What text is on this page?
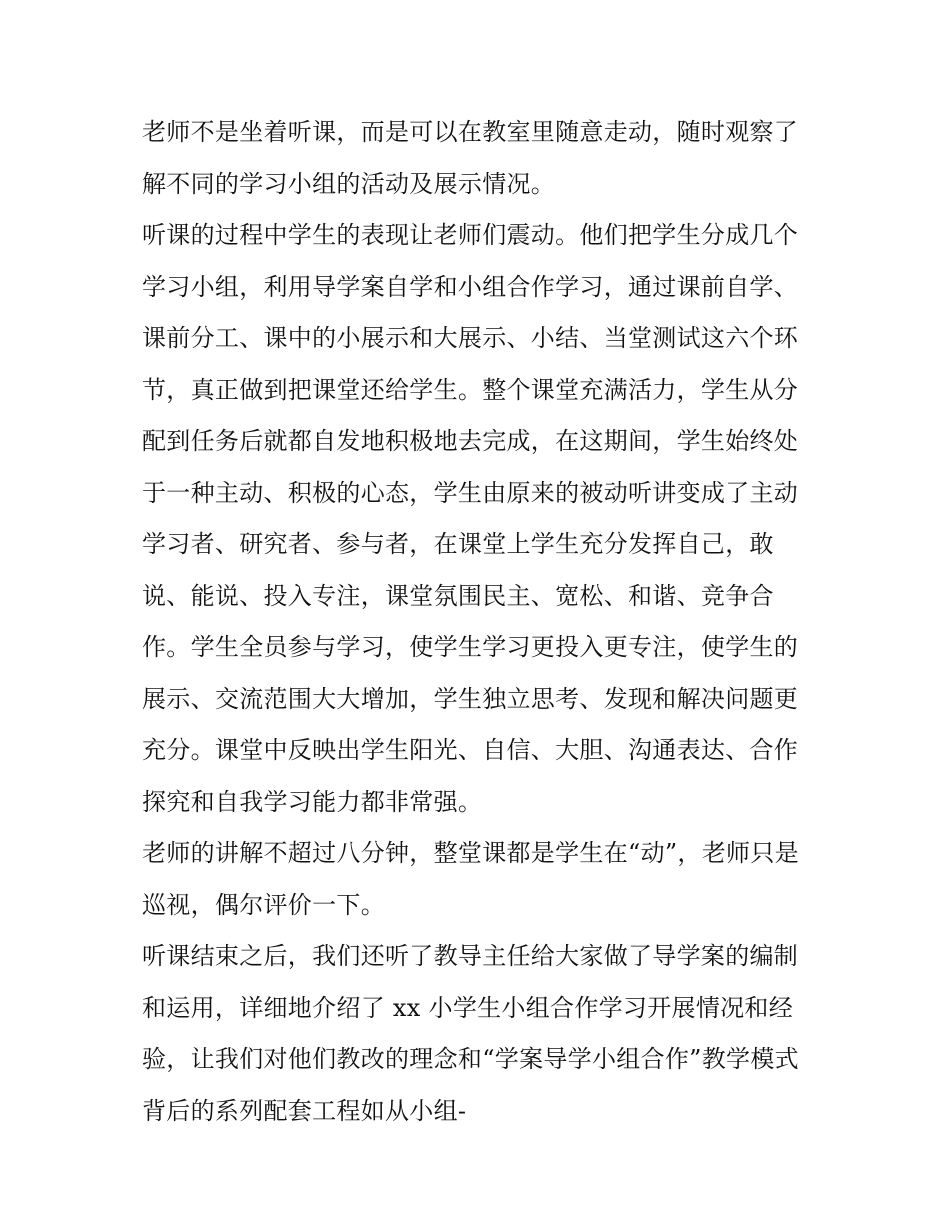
老师不是坐着听课，而是可以在教室里随意走动，随时观察了
解不同的学习小组的活动及展示情况。
听课的过程中学生的表现让老师们震动。他们把学生分成几个
学习小组，利用导学案自学和小组合作学习，通过课前自学、
课前分工、课中的小展示和大展示、小结、当堂测试这六个环
节，真正做到把课堂还给学生。整个课堂充满活力，学生从分
配到任务后就都自发地积极地去完成，在这期间，学生始终处
于一种主动、积极的心态，学生由原来的被动听讲变成了主动
学习者、研究者、参与者，在课堂上学生充分发挥自己，敢
说、能说、投入专注，课堂氛围民主、宽松、和谐、竞争合
作。学生全员参与学习，使学生学习更投入更专注，使学生的
展示、交流范围大大增加，学生独立思考、发现和解决问题更
充分。课堂中反映出学生阳光、自信、大胆、沟通表达、合作
探究和自我学习能力都非常强。
老师的讲解不超过八分钟，整堂课都是学生在“动”，老师只是
巡视，偶尔评价一下。
听课结束之后，我们还听了教导主任给大家做了导学案的编制
和运用，详细地介绍了 xx 小学生小组合作学习开展情况和经
验，让我们对他们教改的理念和“学案导学小组合作”教学模式
背后的系列配套工程如从小组-
